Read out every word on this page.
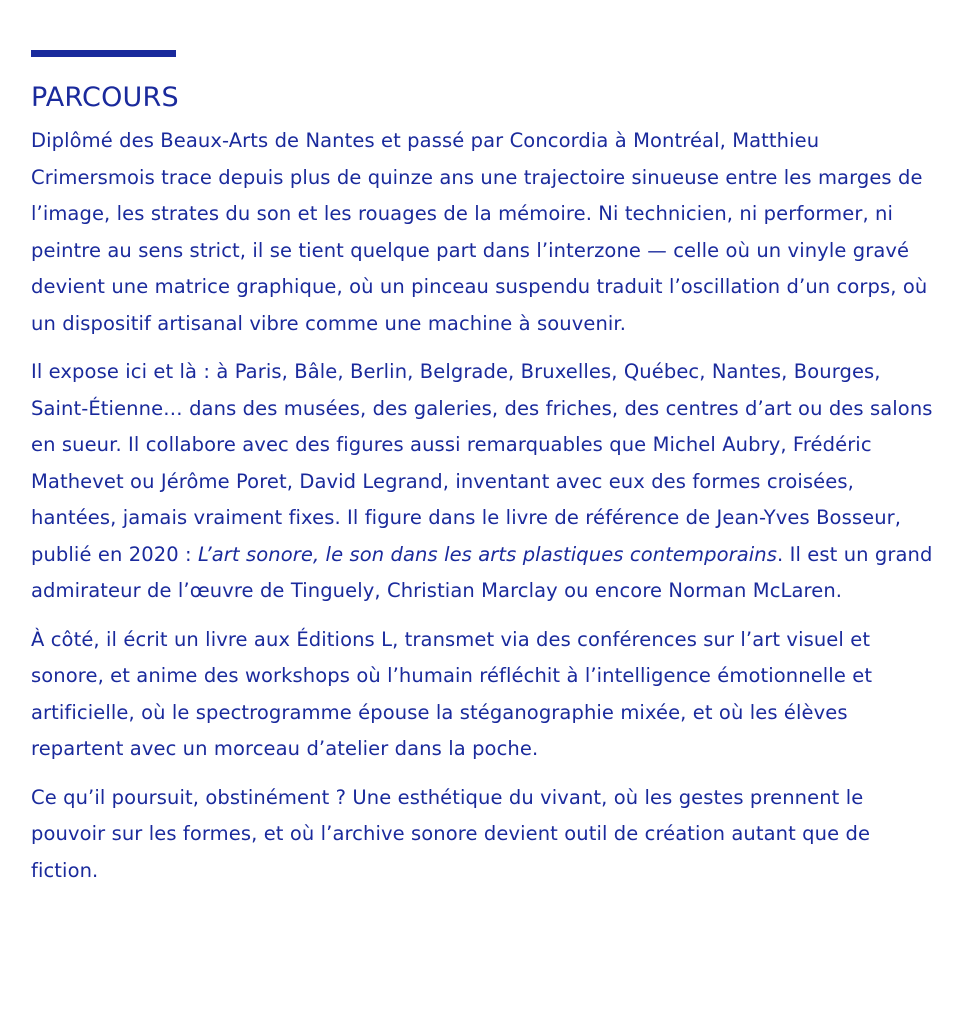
PARCOURS

Diplômé des Beaux-Arts de Nantes et passé par Concordia à Montréal, Matthieu Crimersmois trace depuis plus de quinze ans une trajectoire sinueuse entre les marges de l’image, les strates du son et les rouages de la mémoire. Ni technicien, ni performer, ni peintre au sens strict, il se tient quelque part dans l’interzone — celle où un vinyle gravé devient une matrice graphique, où un pinceau suspendu traduit l’oscillation d’un corps, où un dispositif artisanal vibre comme une machine à souvenir.

Il expose ici et là : à Paris, Bâle, Berlin, Belgrade, Bruxelles, Québec, Nantes, Bourges, Saint-Étienne… dans des musées, des galeries, des friches, des centres d’art ou des salons en sueur. Il collabore avec des figures aussi remarquables que Michel Aubry, Frédéric Mathevet ou Jérôme Poret, David Legrand, inventant avec eux des formes croisées, hantées, jamais vraiment fixes. Il figure dans le livre de référence de Jean-Yves Bosseur, publié en 2020 : L’art sonore, le son dans les arts plastiques contemporains. Il est un grand admirateur de l’œuvre de Tinguely, Christian Marclay ou encore Norman McLaren.

À côté, il écrit un livre aux Éditions L, transmet via des conférences sur l’art visuel et sonore, et anime des workshops où l’humain réfléchit à l’intelligence émotionnelle et artificielle, où le spectrogramme épouse la stéganographie mixée, et où les élèves repartent avec un morceau d’atelier dans la poche.

Ce qu’il poursuit, obstinément ? Une esthétique du vivant, où les gestes prennent le pouvoir sur les formes, et où l’archive sonore devient outil de création autant que de fiction.
